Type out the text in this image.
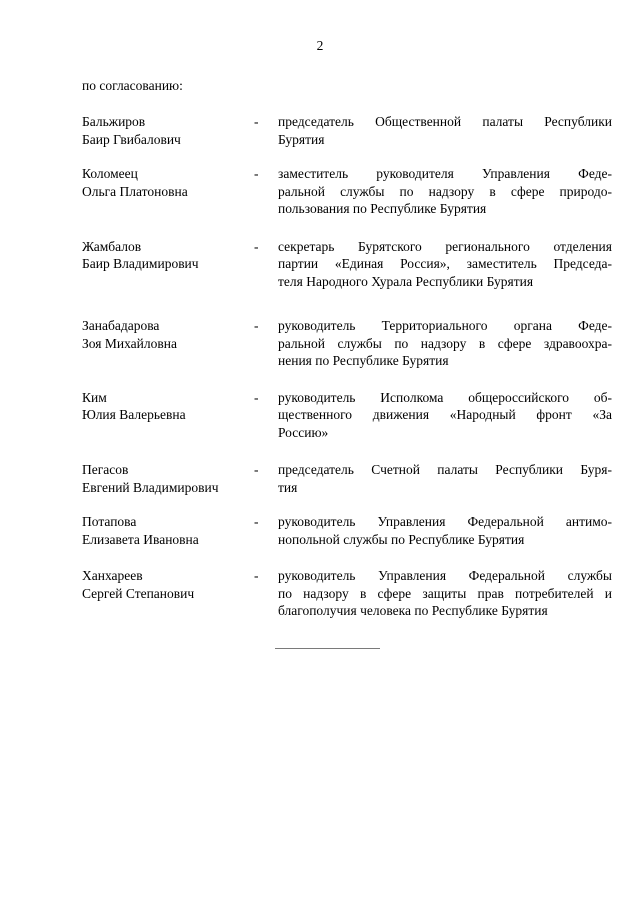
2
по согласованию:
Бальжиров
Баир Гвибалович
-	председатель Общественной палаты Республики
Бурятия
Коломеец
Ольга Платоновна
-	заместитель руководителя Управления Феде-
ральной службы по надзору в сфере природо-
пользования по Республике Бурятия
Жамбалов
Баир Владимирович
-	секретарь Бурятского регионального отделения
партии «Единая Россия», заместитель Председа-
теля Народного Хурала Республики Бурятия
Занабадарова
Зоя Михайловна
-	руководитель Территориального органа Феде-
ральной службы по надзору в сфере здравоохра-
нения по Республике Бурятия
Ким
Юлия Валерьевна
-	руководитель Исполкома общероссийского об-
щественного движения «Народный фронт «За
Россию»
Пегасов
Евгений Владимирович
-	председатель Счетной палаты Республики Буря-
тия
Потапова
Елизавета Ивановна
-	руководитель Управления Федеральной антимо-
нопольной службы по Республике Бурятия
Ханхареев
Сергей Степанович
-	руководитель Управления Федеральной службы
по надзору в сфере защиты прав потребителей и
благополучия человека по Республике Бурятия
